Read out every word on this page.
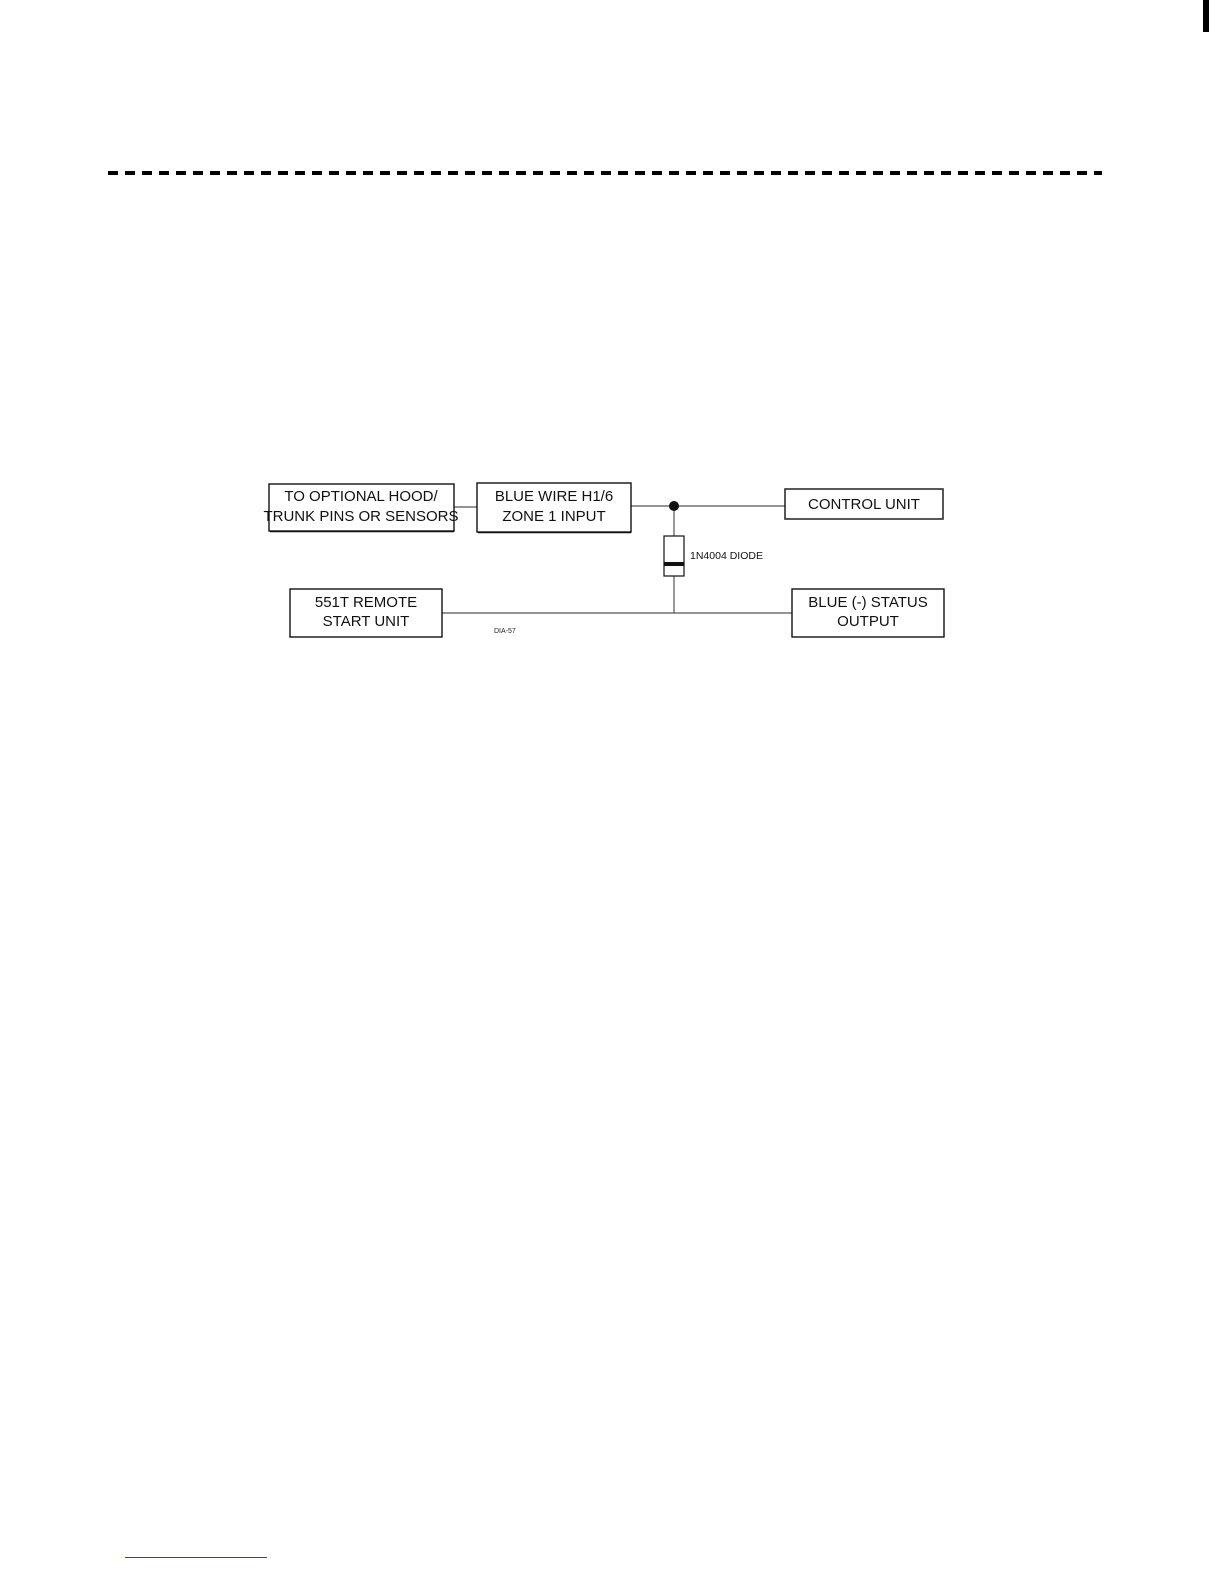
1N4004 DIODE
TO OPTIONAL HOOD/
TRUNK PINS OR SENSORS
BLUE WIRE H1/6
ZONE 1 INPUT
CONTROL UNIT
551T REMOTE
START UNIT
BLUE (-) STATUS
OUTPUT
DIA-57
